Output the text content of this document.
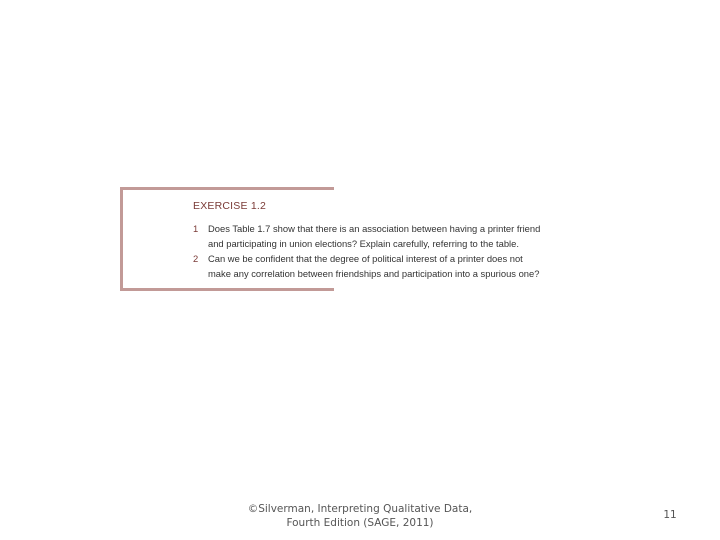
EXERCISE 1.2
1 Does Table 1.7 show that there is an association between having a printer friend
and participating in union elections? Explain carefully, referring to the table.
2 Can we be confident that the degree of political interest of a printer does not
make any correlation between friendships and participation into a spurious one?
©Silverman, Interpreting Qualitative Data,
Fourth Edition (SAGE, 2011)
11
